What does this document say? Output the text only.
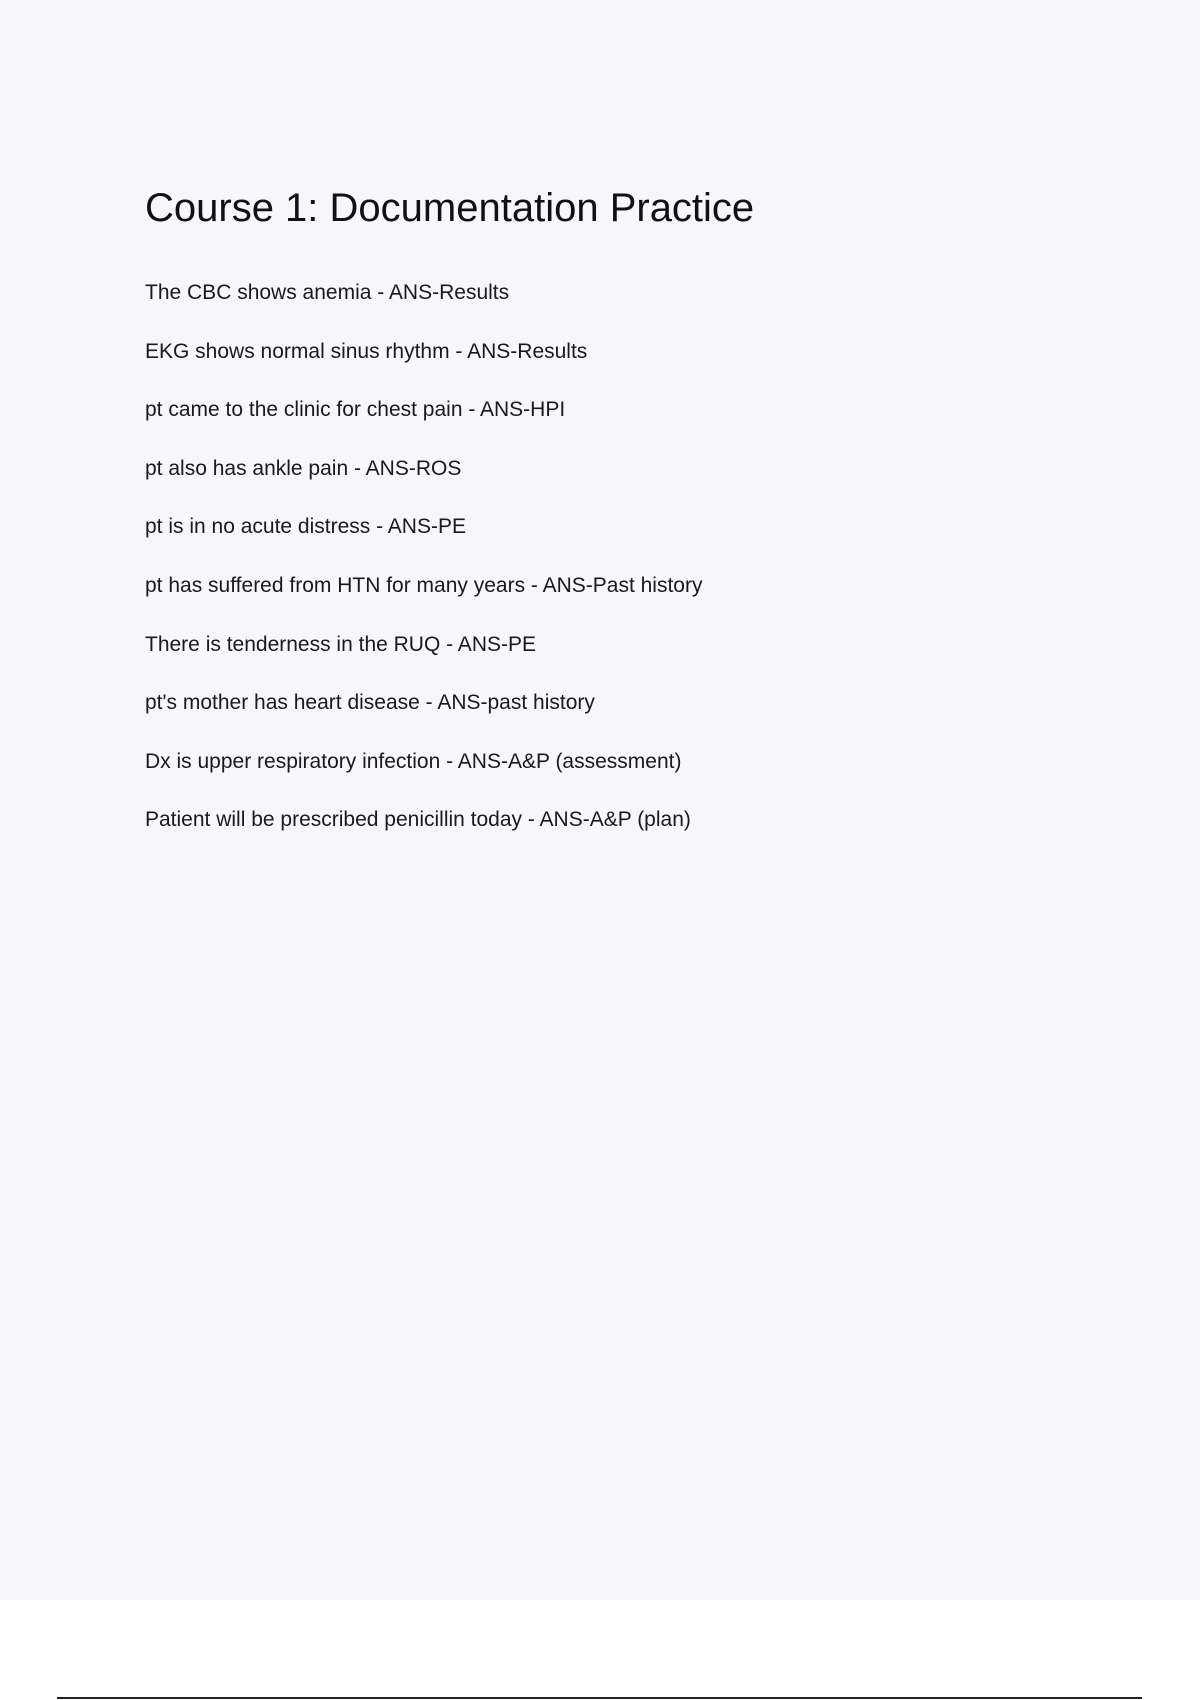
Course 1: Documentation Practice
The CBC shows anemia - ANS-Results
EKG shows normal sinus rhythm - ANS-Results
pt came to the clinic for chest pain - ANS-HPI
pt also has ankle pain - ANS-ROS
pt is in no acute distress - ANS-PE
pt has suffered from HTN for many years - ANS-Past history
There is tenderness in the RUQ - ANS-PE
pt's mother has heart disease - ANS-past history
Dx is upper respiratory infection - ANS-A&P (assessment)
Patient will be prescribed penicillin today - ANS-A&P (plan)
